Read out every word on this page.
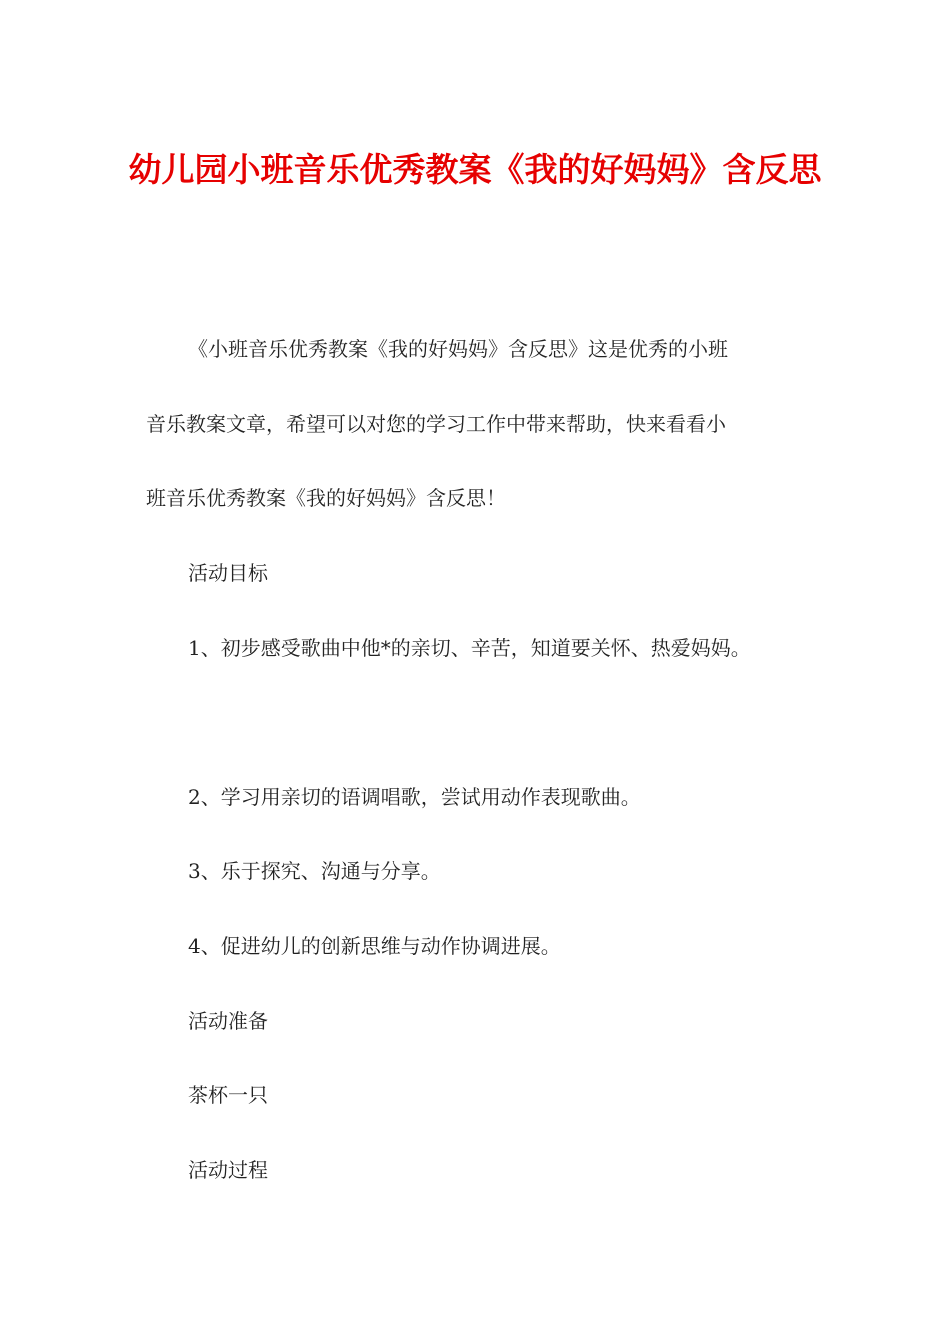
幼儿园小班音乐优秀教案《我的好妈妈》含反思

《小班音乐优秀教案《我的好妈妈》含反思》这是优秀的小班

音乐教案文章，希望可以对您的学习工作中带来帮助，快来看看小

班音乐优秀教案《我的好妈妈》含反思！

活动目标

1、初步感受歌曲中他*的亲切、辛苦，知道要关怀、热爱妈妈。

2、学习用亲切的语调唱歌，尝试用动作表现歌曲。

3、乐于探究、沟通与分享。

4、促进幼儿的创新思维与动作协调进展。

活动准备

茶杯一只

活动过程
